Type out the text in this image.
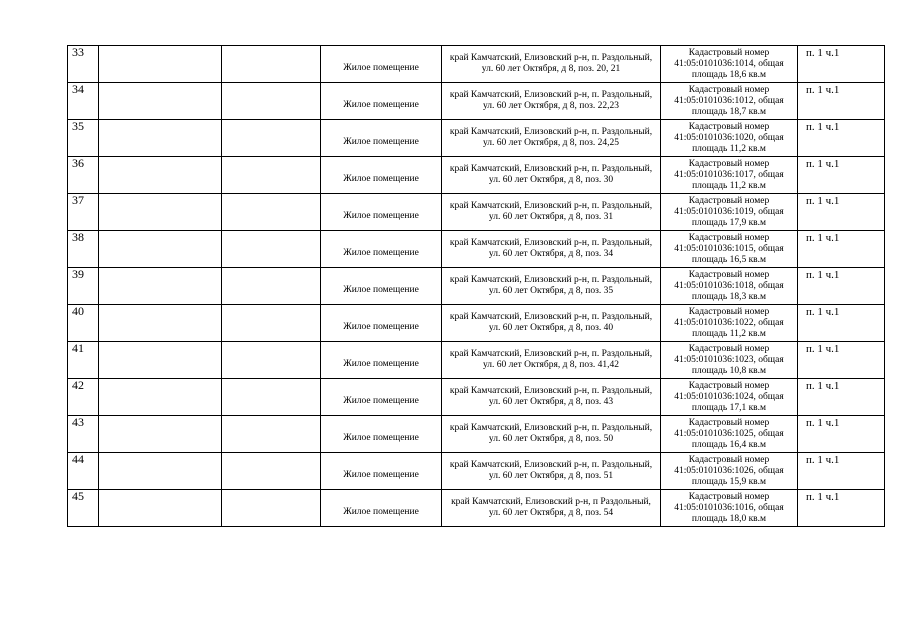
33			Жилое помещение	край Камчатский, Елизовский р-н, п. Раздольный, ул. 60 лет Октября, д 8, поз. 20, 21	Кадастровый номер 41:05:0101036:1014, общая площадь 18,6 кв.м	п. 1 ч.1
34			Жилое помещение	край Камчатский, Елизовский р-н, п. Раздольный, ул. 60 лет Октября, д 8, поз. 22,23	Кадастровый номер 41:05:0101036:1012, общая площадь 18,7 кв.м	п. 1 ч.1
35			Жилое помещение	край Камчатский, Елизовский р-н, п. Раздольный, ул. 60 лет Октября, д 8, поз. 24,25	Кадастровый номер 41:05:0101036:1020, общая площадь 11,2 кв.м	п. 1 ч.1
36			Жилое помещение	край Камчатский, Елизовский р-н, п. Раздольный, ул. 60 лет Октября, д 8, поз. 30	Кадастровый номер 41:05:0101036:1017, общая площадь 11,2 кв.м	п. 1 ч.1
37			Жилое помещение	край Камчатский, Елизовский р-н, п. Раздольный, ул. 60 лет Октября, д 8, поз. 31	Кадастровый номер 41:05:0101036:1019, общая площадь 17,9 кв.м	п. 1 ч.1
38			Жилое помещение	край Камчатский, Елизовский р-н, п. Раздольный, ул. 60 лет Октября, д 8, поз. 34	Кадастровый номер 41:05:0101036:1015, общая площадь 16,5 кв.м	п. 1 ч.1
39			Жилое помещение	край Камчатский, Елизовский р-н, п. Раздольный, ул. 60 лет Октября, д 8, поз. 35	Кадастровый номер 41:05:0101036:1018, общая площадь 18,3 кв.м	п. 1 ч.1
40			Жилое помещение	край Камчатский, Елизовский р-н, п. Раздольный, ул. 60 лет Октября, д 8, поз. 40	Кадастровый номер 41:05:0101036:1022, общая площадь 11,2 кв.м	п. 1 ч.1
41			Жилое помещение	край Камчатский, Елизовский р-н, п. Раздольный, ул. 60 лет Октября, д 8, поз. 41,42	Кадастровый номер 41:05:0101036:1023, общая площадь 10,8 кв.м	п. 1 ч.1
42			Жилое помещение	край Камчатский, Елизовский р-н, п. Раздольный, ул. 60 лет Октября, д 8, поз. 43	Кадастровый номер 41:05:0101036:1024, общая площадь 17,1 кв.м	п. 1 ч.1
43			Жилое помещение	край Камчатский, Елизовский р-н, п. Раздольный, ул. 60 лет Октября, д 8, поз. 50	Кадастровый номер 41:05:0101036:1025, общая площадь 16,4 кв.м	п. 1 ч.1
44			Жилое помещение	край Камчатский, Елизовский р-н, п. Раздольный, ул. 60 лет Октября, д 8, поз. 51	Кадастровый номер 41:05:0101036:1026, общая площадь 15,9 кв.м	п. 1 ч.1
45			Жилое помещение	край Камчатский, Елизовский р-н, п Раздольный, ул. 60 лет Октября, д 8, поз. 54	Кадастровый номер 41:05:0101036:1016, общая площадь 18,0 кв.м	п. 1 ч.1
